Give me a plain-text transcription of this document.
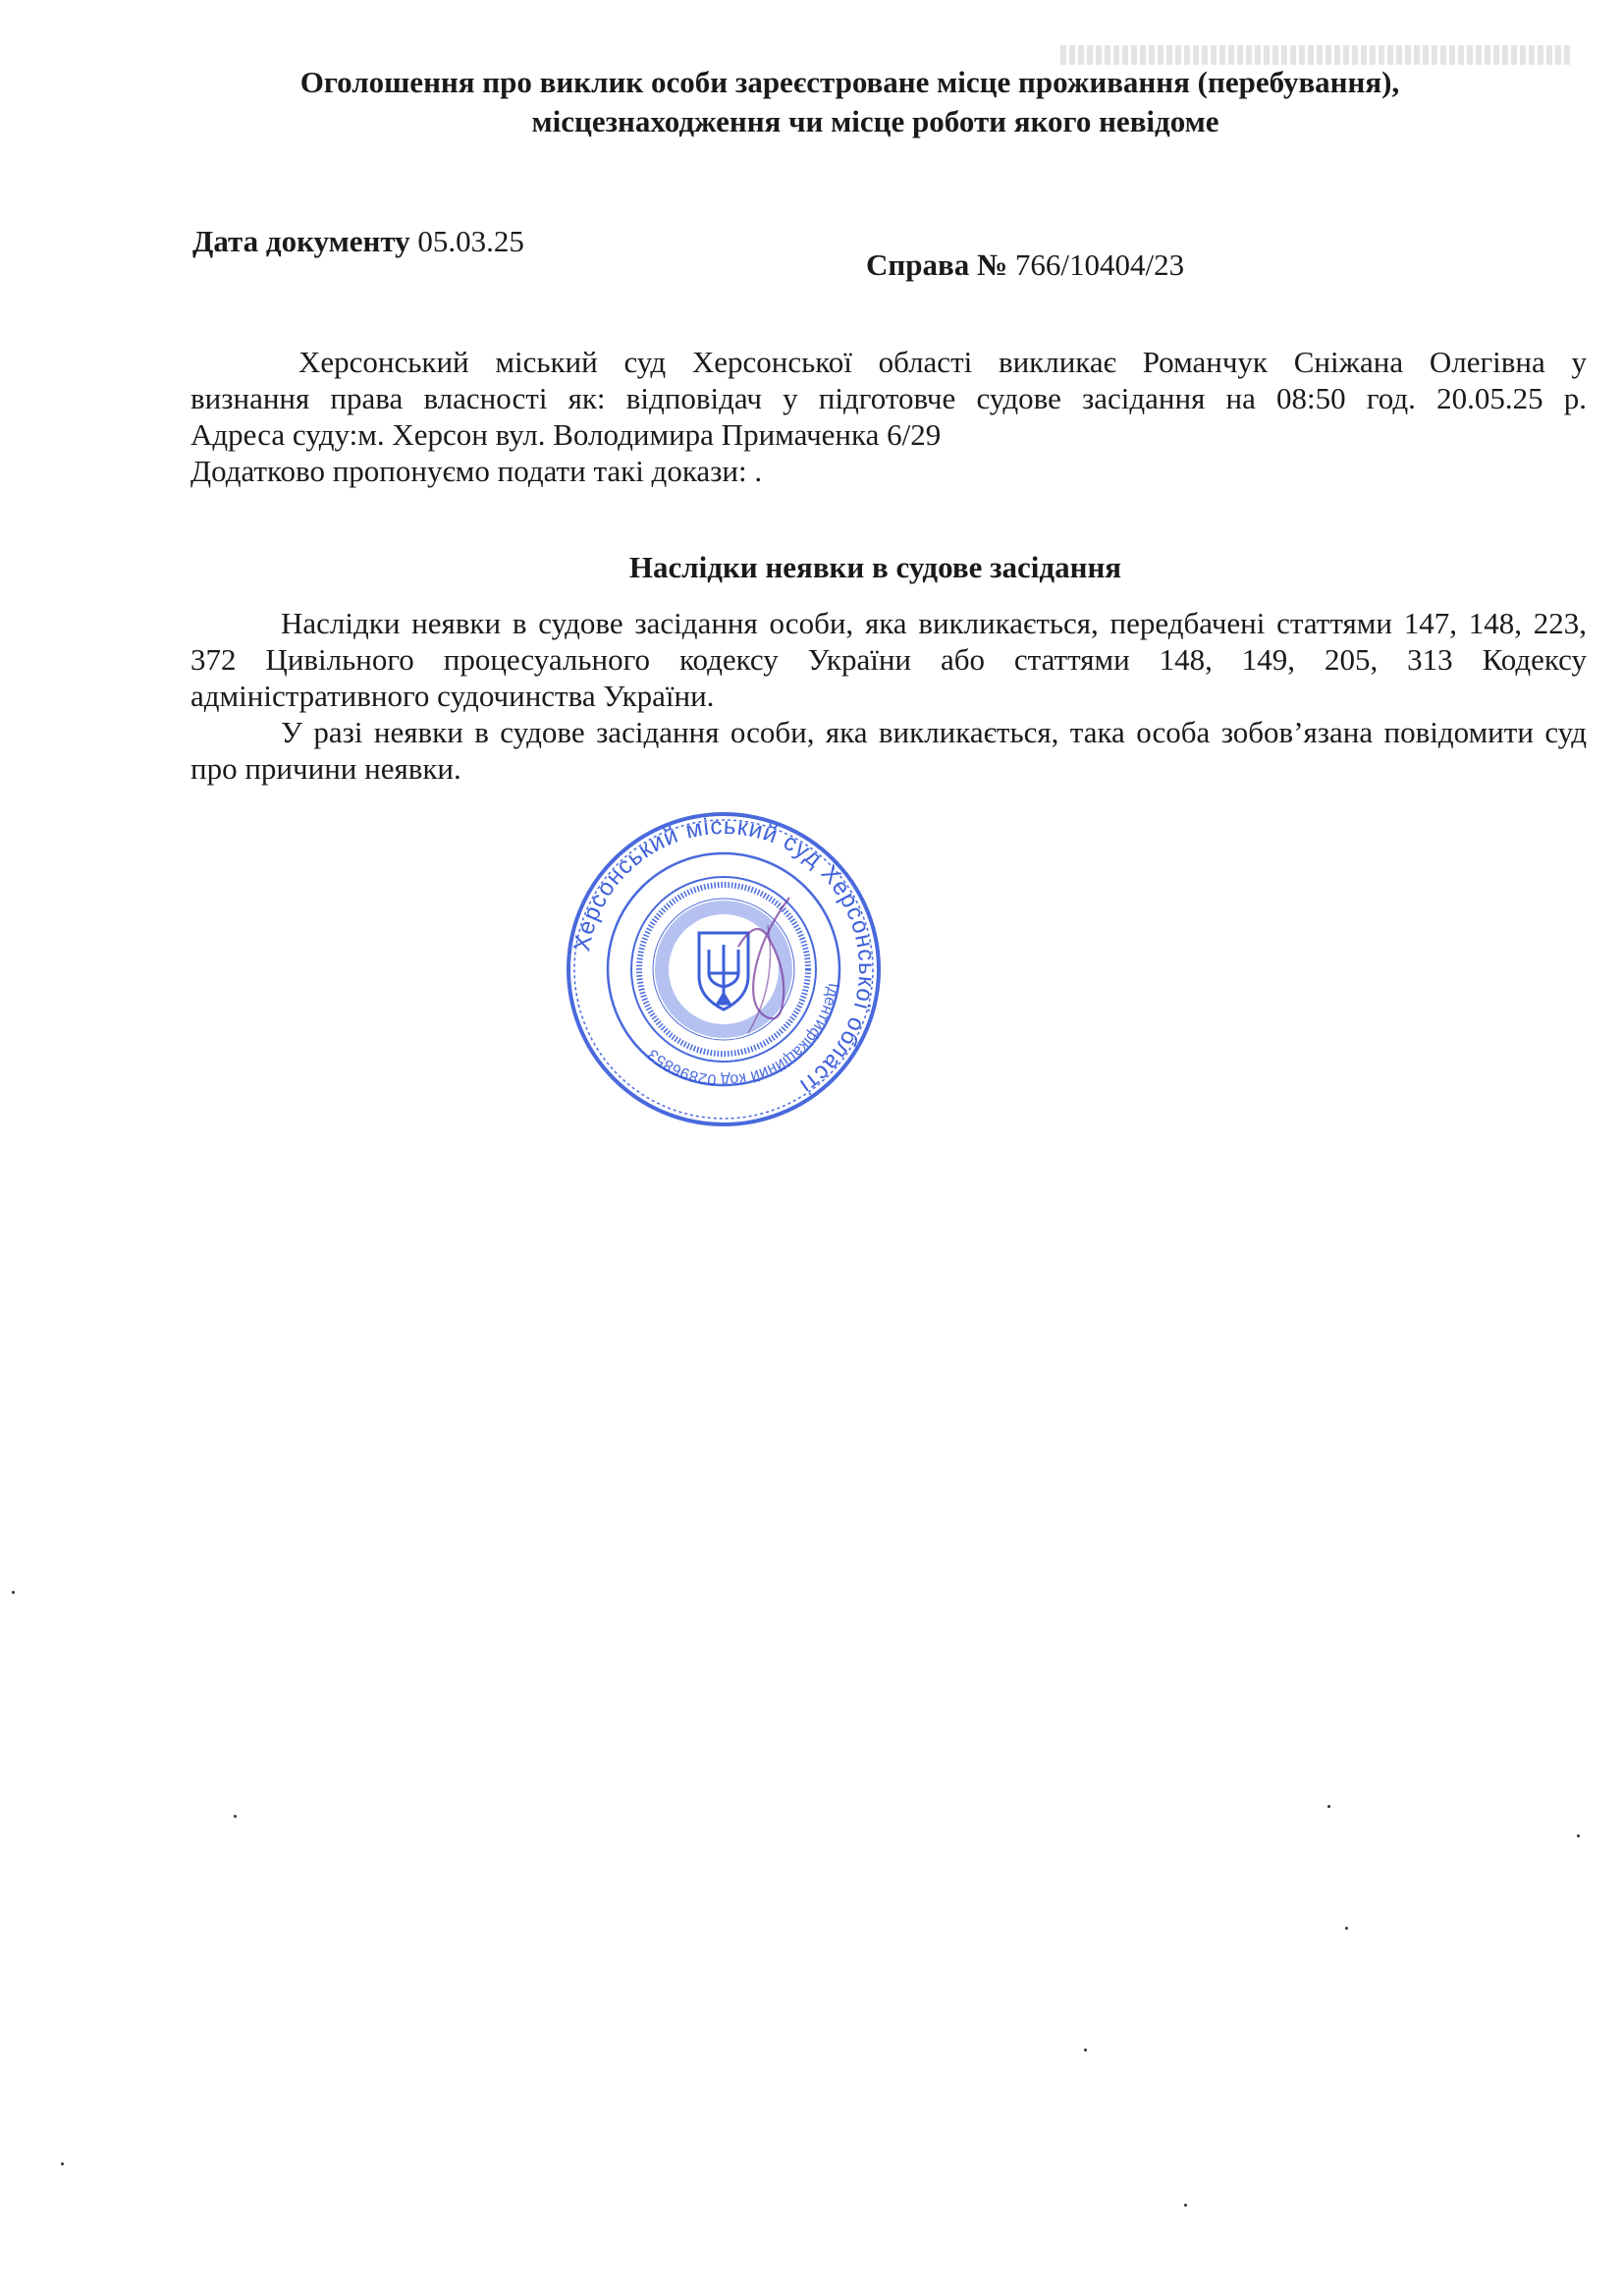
Оголошення про виклик особи зареєстроване місце проживання (перебування),
місцезнаходження чи місце роботи якого невідоме
Дата документу 05.03.25
Справа № 766/10404/23
Херсонський міський суд Херсонської області викликає Романчук Сніжана Олегівна у
визнання права власності як: відповідач у підготовче судове засідання на 08:50 год. 20.05.25 р.
Адреса суду:м. Херсон вул. Володимира Примаченка 6/29
Додатково пропонуємо подати такі докази: .
Наслідки неявки в судове засідання

Наслідки неявки в судове засідання особи, яка викликається, передбачені статтями 147, 148, 223, 372 Цивільного процесуального кодексу України або статтями 148, 149, 205, 313 Кодексу адміністративного судочинства України.

У разі неявки в судове засідання особи, яка викликається, така особа зобов’язана повідомити суд про причини неявки.

Херсонський міський суд Херсонської області
Ідентифікаційний код 02896853
